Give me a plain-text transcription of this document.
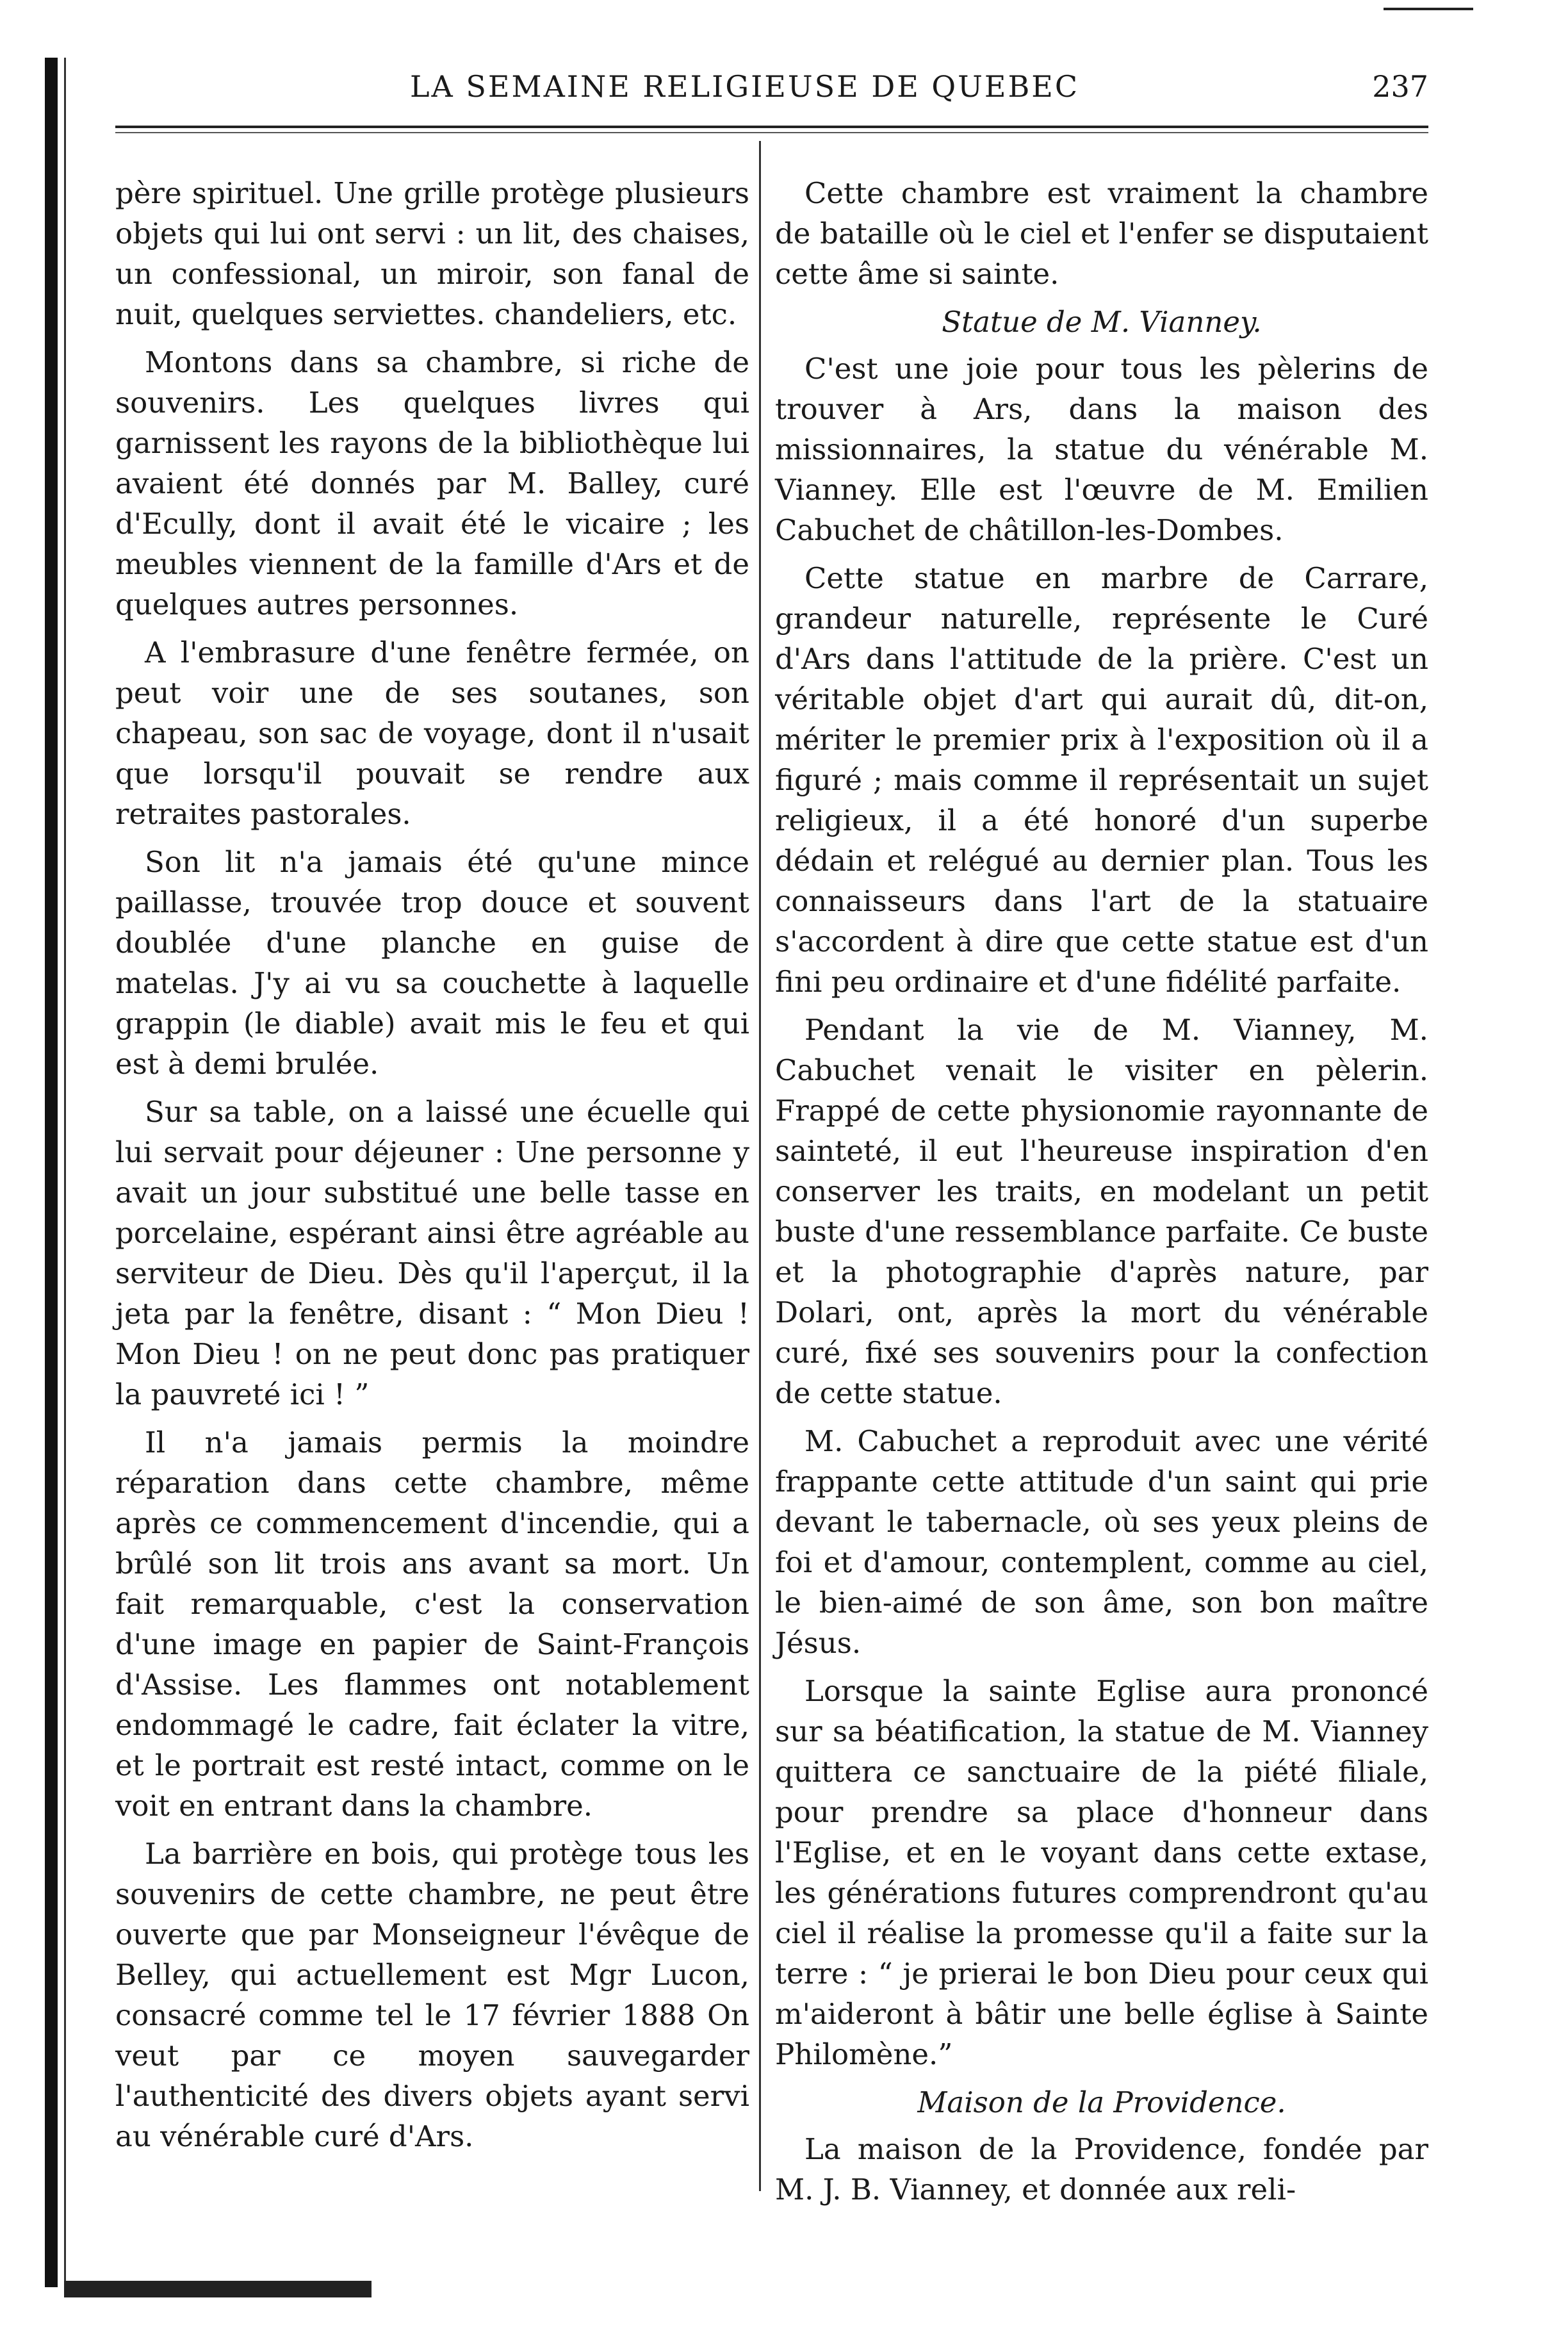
LA SEMAINE RELIGIEUSE DE QUEBEC	237

père spirituel. Une grille protège plusieurs objets qui lui ont servi : un lit, des chaises, un confessional, un miroir, son fanal de nuit, quelques serviettes. chandeliers, etc.

Montons dans sa chambre, si riche de souvenirs. Les quelques livres qui garnissent les rayons de la bibliothèque lui avaient été donnés par M. Balley, curé d'Ecully, dont il avait été le vicaire ; les meubles viennent de la famille d'Ars et de quelques autres personnes.

A l'embrasure d'une fenêtre fermée, on peut voir une de ses soutanes, son chapeau, son sac de voyage, dont il n'usait que lorsqu'il pouvait se rendre aux retraites pastorales.

Son lit n'a jamais été qu'une mince paillasse, trouvée trop douce et souvent doublée d'une planche en guise de matelas. J'y ai vu sa couchette à laquelle grappin (le diable) avait mis le feu et qui est à demi brulée.

Sur sa table, on a laissé une écuelle qui lui servait pour déjeuner : Une personne y avait un jour substitué une belle tasse en porcelaine, espérant ainsi être agréable au serviteur de Dieu. Dès qu'il l'aperçut, il la jeta par la fenêtre, disant : “ Mon Dieu ! Mon Dieu ! on ne peut donc pas pratiquer la pauvreté ici ! ”

Il n'a jamais permis la moindre réparation dans cette chambre, même après ce commencement d'incendie, qui a brûlé son lit trois ans avant sa mort. Un fait remarquable, c'est la conservation d'une image en papier de Saint-François d'Assise. Les flammes ont notablement endommagé le cadre, fait éclater la vitre, et le portrait est resté intact, comme on le voit en entrant dans la chambre.

La barrière en bois, qui protège tous les souvenirs de cette chambre, ne peut être ouverte que par Monseigneur l'évêque de Belley, qui actuellement est Mgr Lucon, consacré comme tel le 17 février 1888 On veut par ce moyen sauvegarder l'authenticité des divers objets ayant servi au vénérable curé d'Ars.

Cette chambre est vraiment la chambre de bataille où le ciel et l'enfer se disputaient cette âme si sainte.

Statue de M. Vianney.

C'est une joie pour tous les pèlerins de trouver à Ars, dans la maison des missionnaires, la statue du vénérable M. Vianney. Elle est l'œuvre de M. Emilien Cabuchet de châtillon-les-Dombes.

Cette statue en marbre de Carrare, grandeur naturelle, représente le Curé d'Ars dans l'attitude de la prière. C'est un véritable objet d'art qui aurait dû, dit-on, mériter le premier prix à l'exposition où il a figuré ; mais comme il représentait un sujet religieux, il a été honoré d'un superbe dédain et relégué au dernier plan. Tous les connaisseurs dans l'art de la statuaire s'accordent à dire que cette statue est d'un fini peu ordinaire et d'une fidélité parfaite.

Pendant la vie de M. Vianney, M. Cabuchet venait le visiter en pèlerin. Frappé de cette physionomie rayonnante de sainteté, il eut l'heureuse inspiration d'en conserver les traits, en modelant un petit buste d'une ressemblance parfaite. Ce buste et la photographie d'après nature, par Dolari, ont, après la mort du vénérable curé, fixé ses souvenirs pour la confection de cette statue.

M. Cabuchet a reproduit avec une vérité frappante cette attitude d'un saint qui prie devant le tabernacle, où ses yeux pleins de foi et d'amour, contemplent, comme au ciel, le bien-aimé de son âme, son bon maître Jésus.

Lorsque la sainte Eglise aura prononcé sur sa béatification, la statue de M. Vianney quittera ce sanctuaire de la piété filiale, pour prendre sa place d'honneur dans l'Eglise, et en le voyant dans cette extase, les générations futures comprendront qu'au ciel il réalise la promesse qu'il a faite sur la terre : “ je prierai le bon Dieu pour ceux qui m'aideront à bâtir une belle église à Sainte Philomène.”

Maison de la Providence.

La maison de la Providence, fondée par M. J. B. Vianney, et donnée aux reli-
